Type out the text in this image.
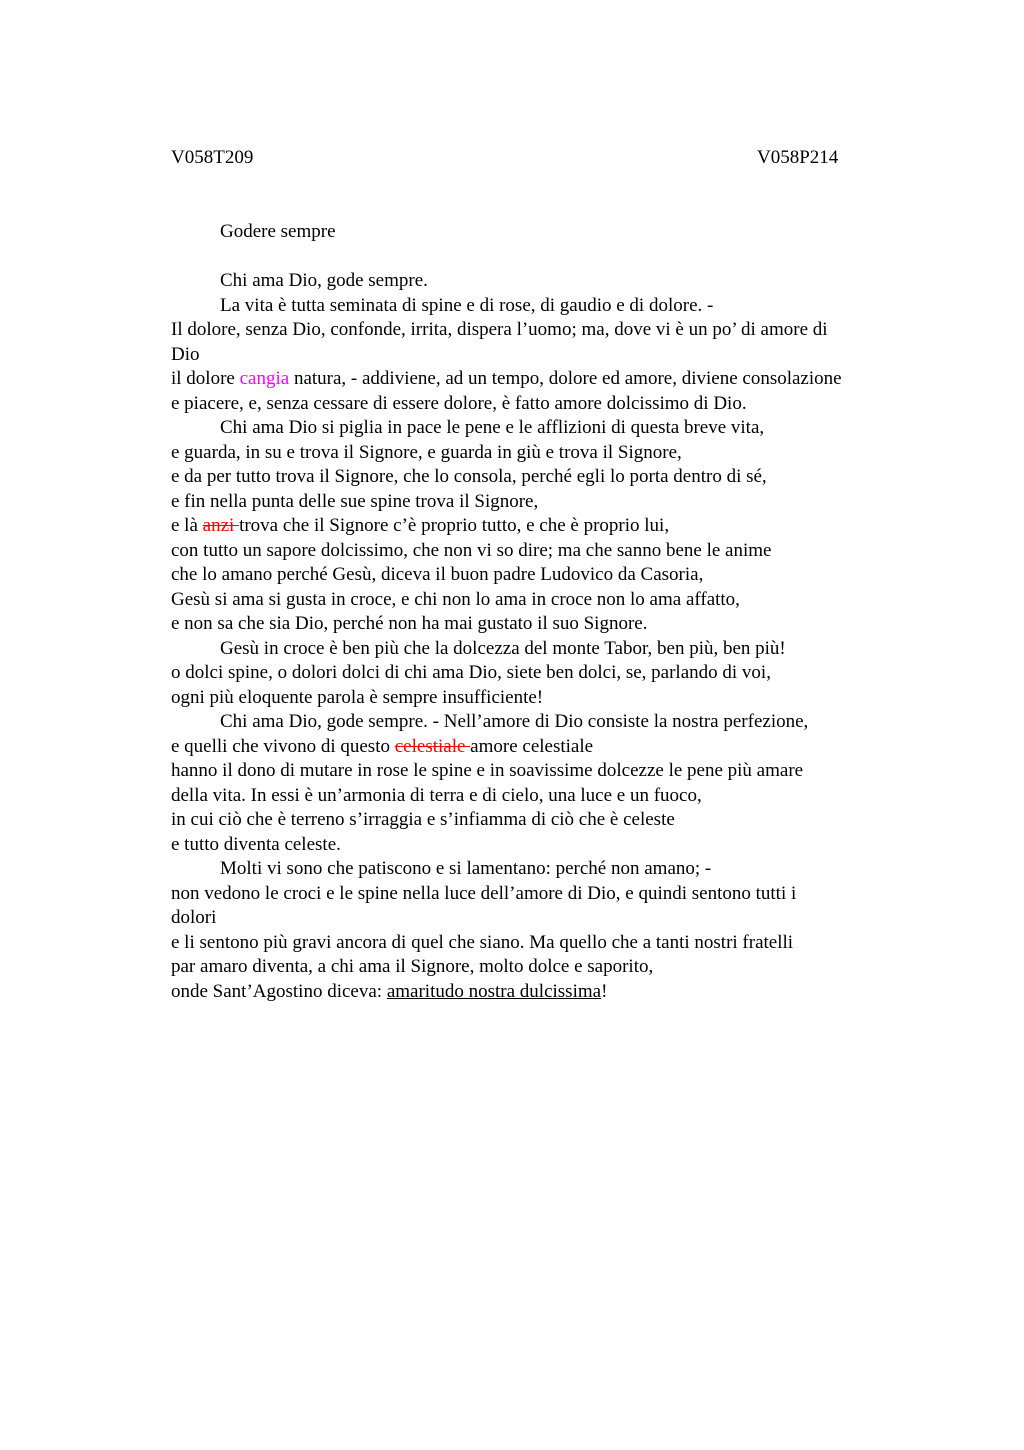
V058T209	V058P214
Godere sempre
Chi ama Dio, gode sempre.
La vita è tutta seminata di spine e di rose, di gaudio e di dolore. -
Il dolore, senza Dio, confonde, irrita, dispera l’uomo; ma, dove vi è un po’ di amore di
Dio
il dolore cangia natura, - addiviene, ad un tempo, dolore ed amore, diviene consolazione
e piacere, e, senza cessare di essere dolore, è fatto amore dolcissimo di Dio.
Chi ama Dio si piglia in pace le pene e le afflizioni di questa breve vita,
e guarda, in su e trova il Signore, e guarda in giù e trova il Signore,
e da per tutto trova il Signore, che lo consola, perché egli lo porta dentro di sé,
e fin nella punta delle sue spine trova il Signore,
e là anzi trova che il Signore c’è proprio tutto, e che è proprio lui,
con tutto un sapore dolcissimo, che non vi so dire; ma che sanno bene le anime
che lo amano perché Gesù, diceva il buon padre Ludovico da Casoria,
Gesù si ama si gusta in croce, e chi non lo ama in croce non lo ama affatto,
e non sa che sia Dio, perché non ha mai gustato il suo Signore.
Gesù in croce è ben più che la dolcezza del monte Tabor, ben più, ben più!
o dolci spine, o dolori dolci di chi ama Dio, siete ben dolci, se, parlando di voi,
ogni più eloquente parola è sempre insufficiente!
Chi ama Dio, gode sempre. - Nell’amore di Dio consiste la nostra perfezione,
e quelli che vivono di questo celestiale amore celestiale
hanno il dono di mutare in rose le spine e in soavissime dolcezze le pene più amare
della vita. In essi è un’armonia di terra e di cielo, una luce e un fuoco,
in cui ciò che è terreno s’irraggia e s’infiamma di ciò che è celeste
e tutto diventa celeste.
Molti vi sono che patiscono e si lamentano: perché non amano; -
non vedono le croci e le spine nella luce dell’amore di Dio, e quindi sentono tutti i
dolori
e li sentono più gravi ancora di quel che siano. Ma quello che a tanti nostri fratelli
par amaro diventa, a chi ama il Signore, molto dolce e saporito,
onde Sant’Agostino diceva: amaritudo nostra dulcissima!
